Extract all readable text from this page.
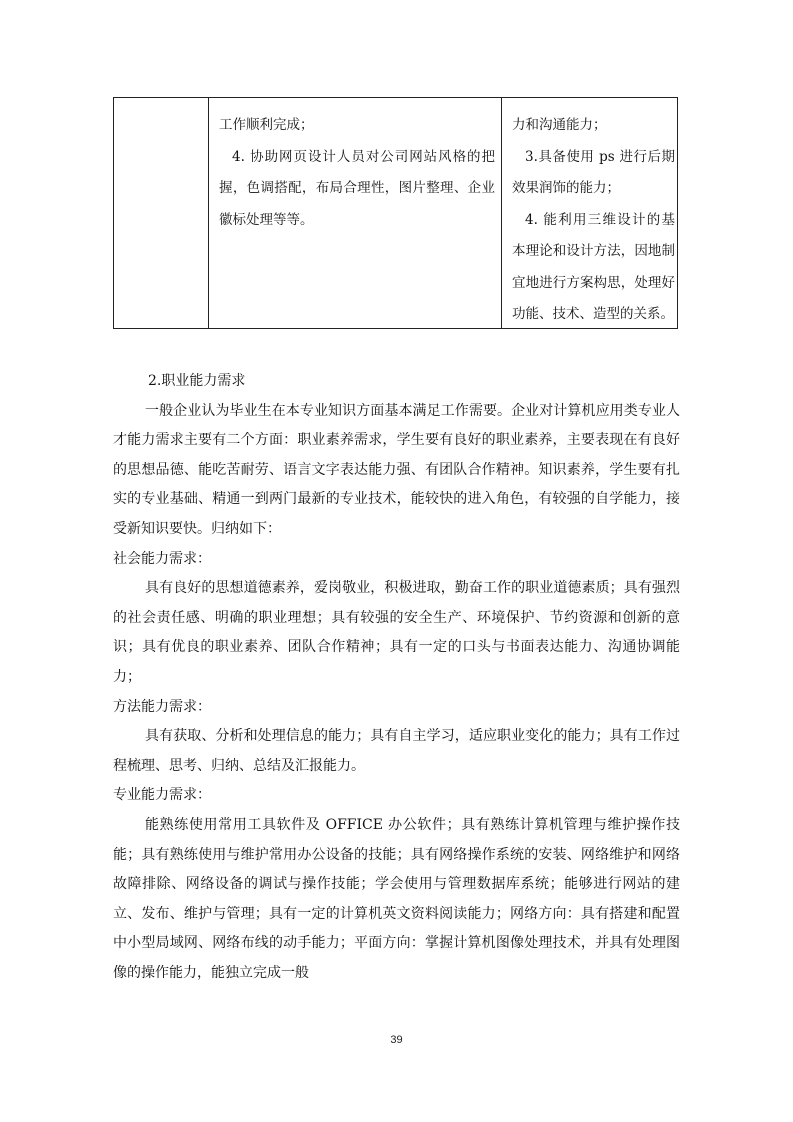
工作顺利完成；

4. 协助网页设计人员对公司网站风格的把握，色调搭配，布局合理性，图片整理、企业徽标处理等等。

力和沟通能力；

3.具备使用 ps 进行后期效果润饰的能力；

4. 能利用三维设计的基本理论和设计方法，因地制宜地进行方案构思，处理好功能、技术、造型的关系。

2.职业能力需求

一般企业认为毕业生在本专业知识方面基本满足工作需要。企业对计算机应用类专业人才能力需求主要有二个方面：职业素养需求，学生要有良好的职业素养，主要表现在有良好的思想品德、能吃苦耐劳、语言文字表达能力强、有团队合作精神。知识素养，学生要有扎实的专业基础、精通一到两门最新的专业技术，能较快的进入角色，有较强的自学能力，接受新知识要快。归纳如下：

社会能力需求：

具有良好的思想道德素养，爱岗敬业，积极进取，勤奋工作的职业道德素质；具有强烈的社会责任感、明确的职业理想；具有较强的安全生产、环境保护、节约资源和创新的意识；具有优良的职业素养、团队合作精神；具有一定的口头与书面表达能力、沟通协调能力；

方法能力需求：

具有获取、分析和处理信息的能力；具有自主学习，适应职业变化的能力；具有工作过程梳理、思考、归纳、总结及汇报能力。

专业能力需求：

能熟练使用常用工具软件及 OFFICE 办公软件；具有熟练计算机管理与维护操作技能；具有熟练使用与维护常用办公设备的技能；具有网络操作系统的安装、网络维护和网络故障排除、网络设备的调试与操作技能；学会使用与管理数据库系统；能够进行网站的建立、发布、维护与管理；具有一定的计算机英文资料阅读能力；网络方向：具有搭建和配置中小型局域网、网络布线的动手能力；平面方向：掌握计算机图像处理技术，并具有处理图像的操作能力，能独立完成一般

39
